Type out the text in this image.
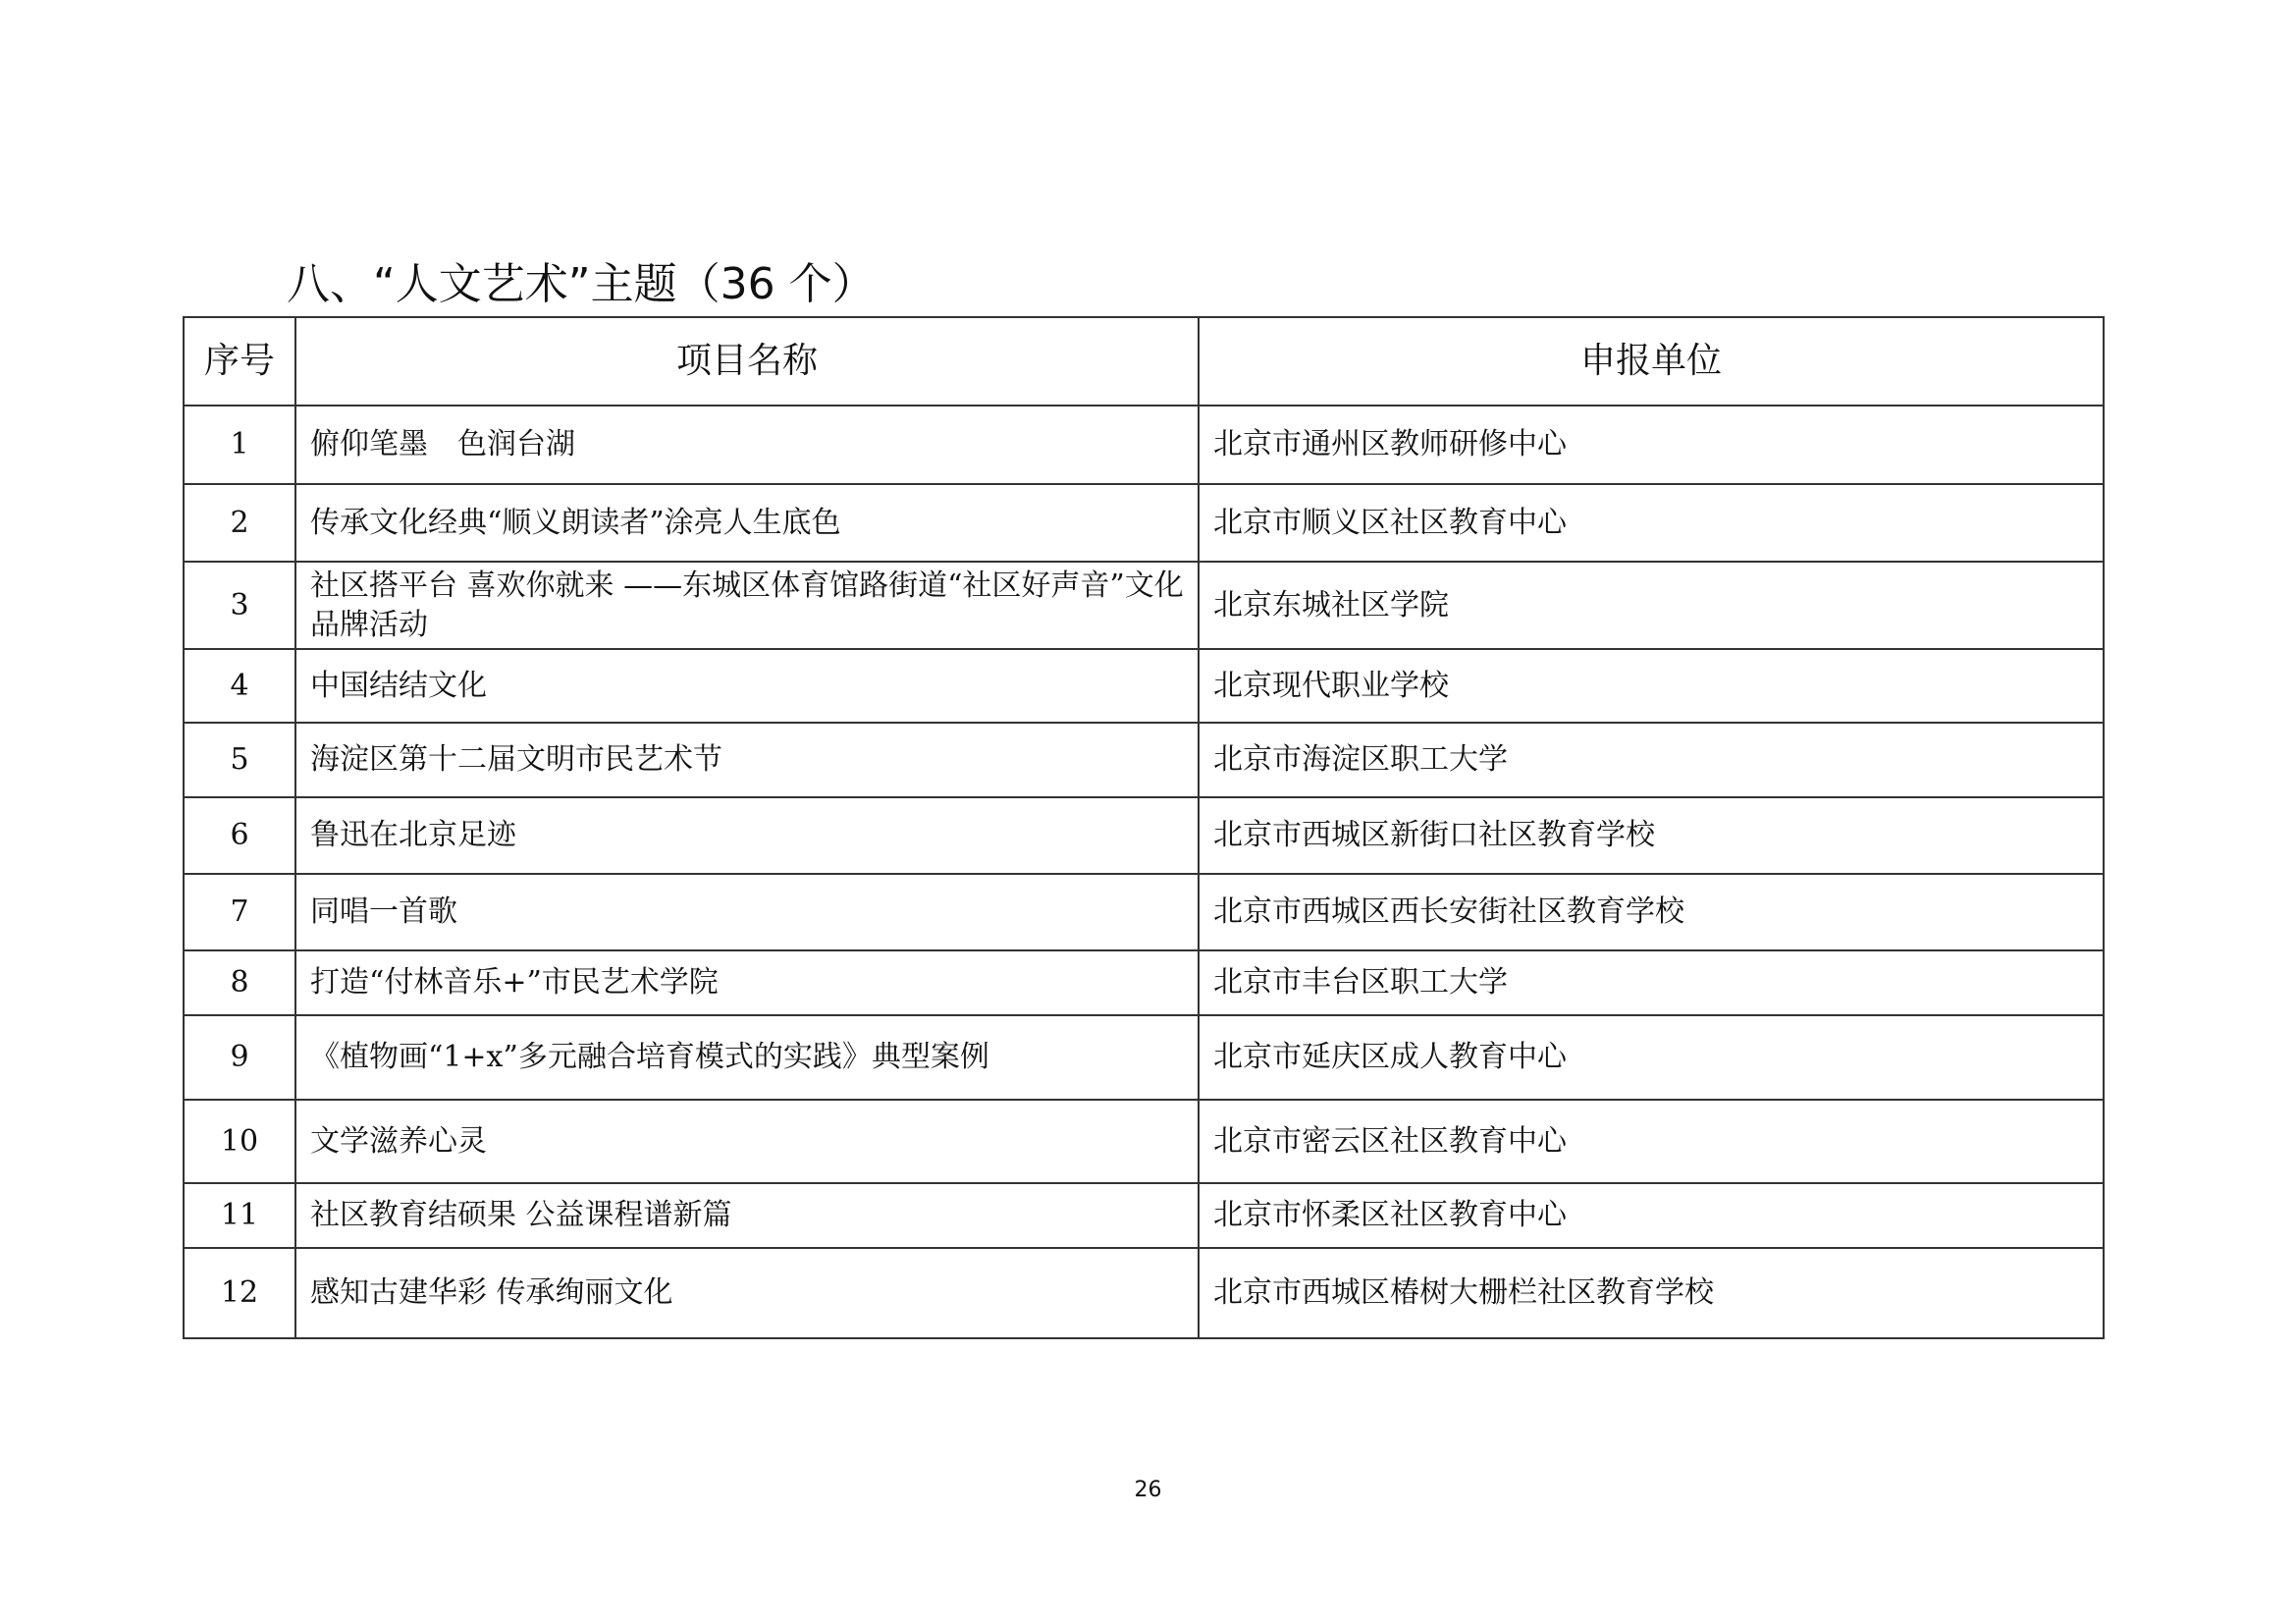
八、“人文艺术”主题（36 个）
序号	项目名称	申报单位
1	俯仰笔墨　色润台湖	北京市通州区教师研修中心
2	传承文化经典“顺义朗读者”涂亮人生底色	北京市顺义区社区教育中心
3	社区搭平台 喜欢你就来 ——东城区体育馆路街道“社区好声音”文化品牌活动	北京东城社区学院
4	中国结结文化	北京现代职业学校
5	海淀区第十二届文明市民艺术节	北京市海淀区职工大学
6	鲁迅在北京足迹	北京市西城区新街口社区教育学校
7	同唱一首歌	北京市西城区西长安街社区教育学校
8	打造“付林音乐+”市民艺术学院	北京市丰台区职工大学
9	《植物画“1+x”多元融合培育模式的实践》典型案例	北京市延庆区成人教育中心
10	文学滋养心灵	北京市密云区社区教育中心
11	社区教育结硕果 公益课程谱新篇	北京市怀柔区社区教育中心
12	感知古建华彩 传承绚丽文化	北京市西城区椿树大栅栏社区教育学校
26
